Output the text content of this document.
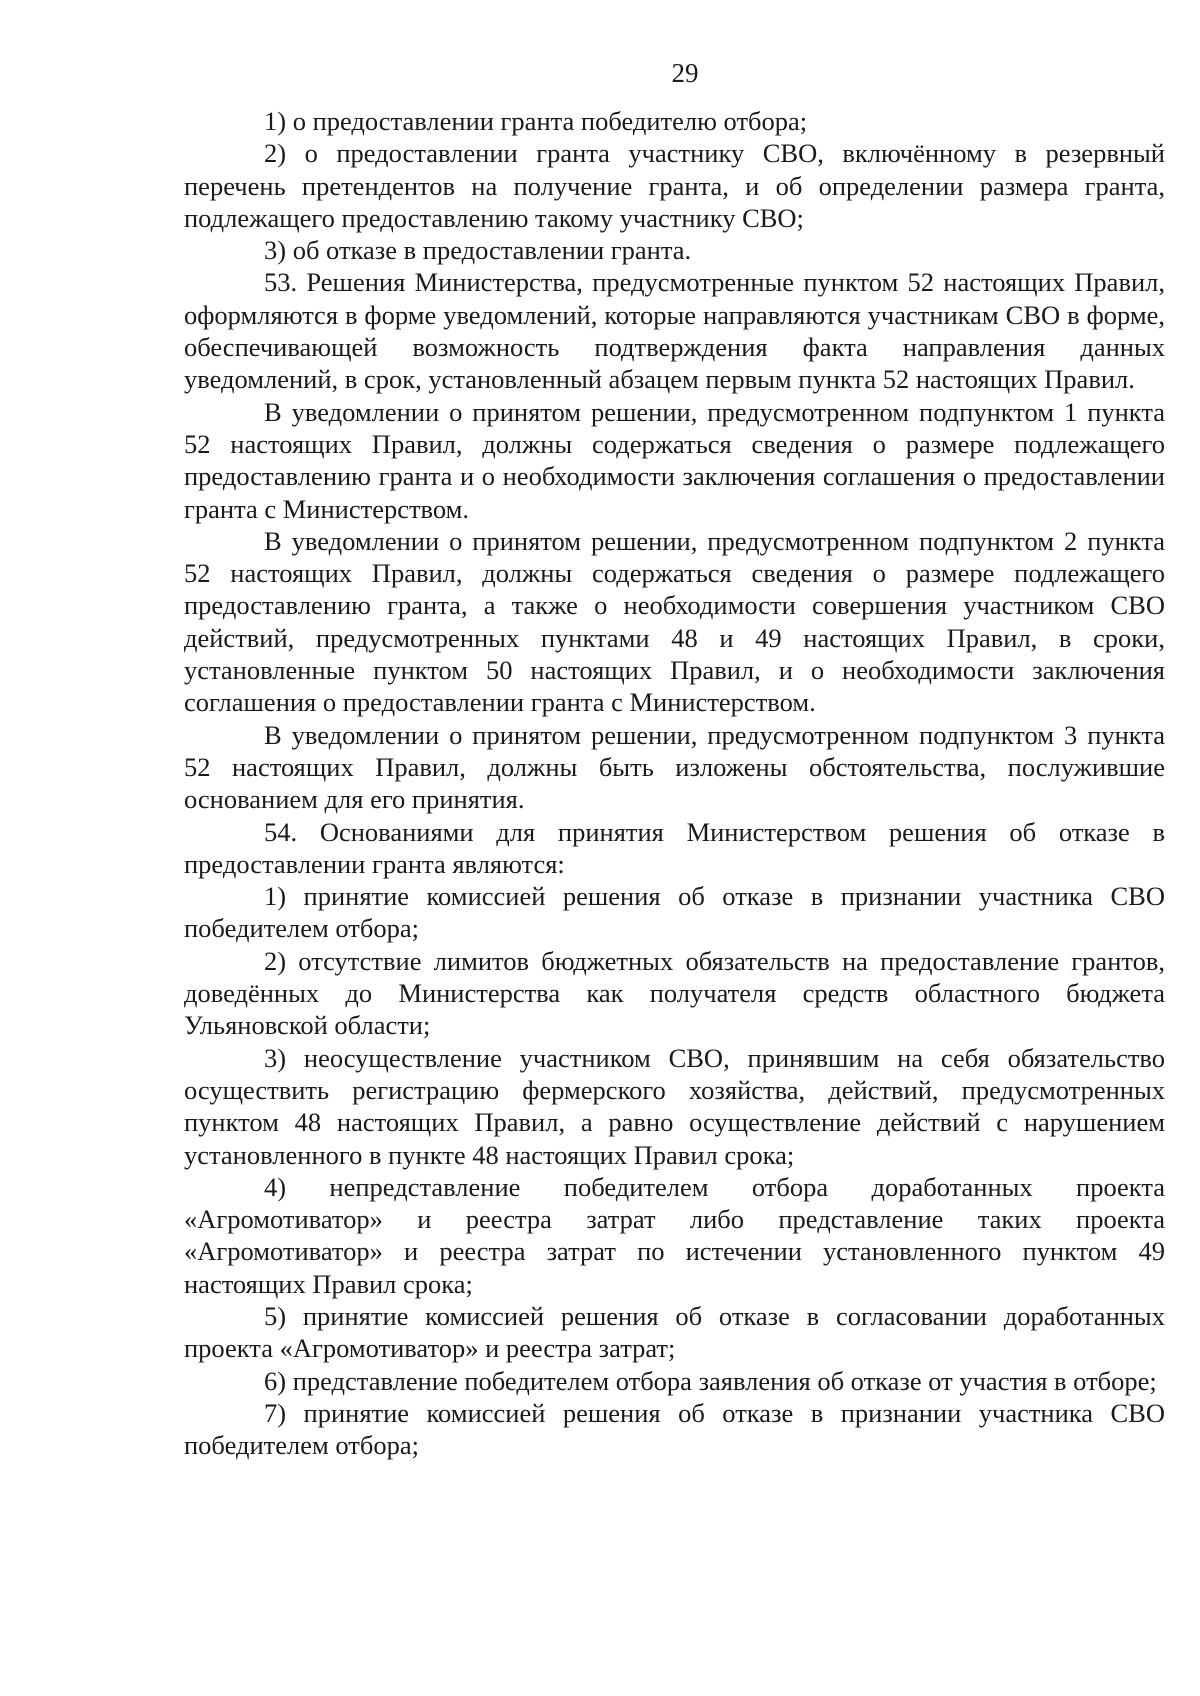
29

1) о предоставлении гранта победителю отбора;

2) о предоставлении гранта участнику СВО, включённому в резервный перечень претендентов на получение гранта, и об определении размера гранта, подлежащего предоставлению такому участнику СВО;

3) об отказе в предоставлении гранта.

53. Решения Министерства, предусмотренные пунктом 52 настоящих Правил, оформляются в форме уведомлений, которые направляются участникам СВО в форме, обеспечивающей возможность подтверждения факта направления данных уведомлений, в срок, установленный абзацем первым пункта 52 настоящих Правил.

В уведомлении о принятом решении, предусмотренном подпунктом 1 пункта 52 настоящих Правил, должны содержаться сведения о размере подлежащего предоставлению гранта и о необходимости заключения соглашения о предоставлении гранта с Министерством.

В уведомлении о принятом решении, предусмотренном подпунктом 2 пункта 52 настоящих Правил, должны содержаться сведения о размере подлежащего предоставлению гранта, а также о необходимости совершения участником СВО действий, предусмотренных пунктами 48 и 49 настоящих Правил, в сроки, установленные пунктом 50 настоящих Правил, и о необходимости заключения соглашения о предоставлении гранта с Министерством.

В уведомлении о принятом решении, предусмотренном подпунктом 3 пункта 52 настоящих Правил, должны быть изложены обстоятельства, послужившие основанием для его принятия.

54. Основаниями для принятия Министерством решения об отказе в предоставлении гранта являются:

1) принятие комиссией решения об отказе в признании участника СВО победителем отбора;

2) отсутствие лимитов бюджетных обязательств на предоставление грантов, доведённых до Министерства как получателя средств областного бюджета Ульяновской области;

3) неосуществление участником СВО, принявшим на себя обязательство осуществить регистрацию фермерского хозяйства, действий, предусмотренных пунктом 48 настоящих Правил, а равно осуществление действий с нарушением установленного в пункте 48 настоящих Правил срока;

4) непредставление победителем отбора доработанных проекта «Агромотиватор» и реестра затрат либо представление таких проекта «Агромотиватор» и реестра затрат по истечении установленного пунктом 49 настоящих Правил срока;

5) принятие комиссией решения об отказе в согласовании доработанных проекта «Агромотиватор» и реестра затрат;

6) представление победителем отбора заявления об отказе от участия в отборе;

7) принятие комиссией решения об отказе в признании участника СВО победителем отбора;
